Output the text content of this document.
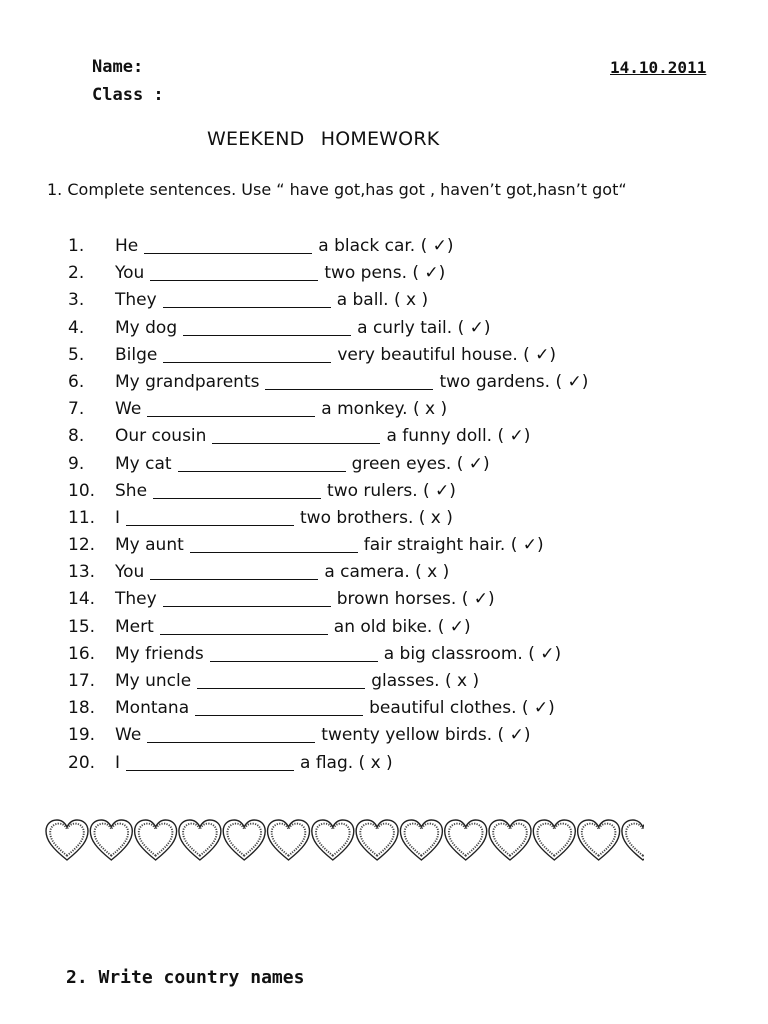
Name:
Class :
14.10.2011
WEEKEND HOMEWORK
1. Complete sentences. Use “ have got,has got , haven’t got,hasn’t got“
1.	He	a black car. ( ✓)
2.	You	two pens. ( ✓)
3.	They	a ball. ( x )
4.	My dog	a curly tail. ( ✓)
5.	Bilge	very beautiful house. ( ✓)
6.	My grandparents	two gardens. ( ✓)
7.	We	a monkey. ( x )
8.	Our cousin	a funny doll. ( ✓)
9.	My cat	green eyes. ( ✓)
10.	She	two rulers. ( ✓)
11.	I	two brothers. ( x )
12.	My aunt	fair straight hair. ( ✓)
13.	You	a camera. ( x )
14.	They	brown horses. ( ✓)
15.	Mert	an old bike. ( ✓)
16.	My friends	a big classroom. ( ✓)
17.	My uncle	glasses. ( x )
18.	Montana	beautiful clothes. ( ✓)
19.	We	twenty yellow birds. ( ✓)
20.	I	a flag. ( x )
2. Write country names
